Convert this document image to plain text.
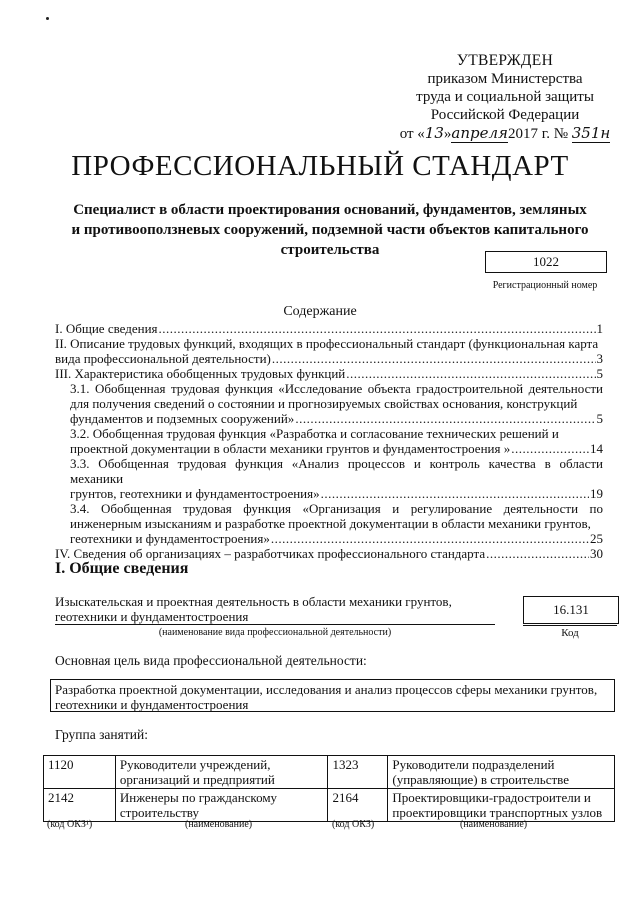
УТВЕРЖДЕН
приказом Министерства
труда и социальной защиты
Российской Федерации
от «13»апреля2017 г. № 351н
ПРОФЕССИОНАЛЬНЫЙ СТАНДАРТ
Специалист в области проектирования оснований, фундаментов, земляных
и противооползневых сооружений, подземной части объектов капитального
строительства
1022
Регистрационный номер
Содержание
I. Общие сведения .....	1
II. Описание трудовых функций, входящих в профессиональный стандарт (функциональная карта
вида профессиональной деятельности) .....	3
III. Характеристика обобщенных трудовых функций .....	5
3.1. Обобщенная трудовая функция «Исследование объекта градостроительной деятельности для получения сведений о состоянии и прогнозируемых свойствах основания, конструкций
фундаментов и подземных сооружений» .....	5
3.2. Обобщенная трудовая функция «Разработка и согласование технических решений и
проектной документации в области механики грунтов и фундаментостроения » .....	14
3.3. Обобщенная трудовая функция «Анализ процессов и контроль качества в области механики
грунтов, геотехники и фундаментостроения» .....	19
3.4. Обобщенная трудовая функция «Организация и регулирование деятельности по инженерным изысканиям и разработке проектной документации в области механики грунтов,
геотехники и фундаментостроения» .....	25
IV. Сведения об организациях – разработчиках профессионального стандарта .....	30
I. Общие сведения
Изыскательская и проектная деятельность в области механики грунтов, геотехники и фундаментостроения
(наименование вида профессиональной деятельности)
16.131
Код
Основная цель вида профессиональной деятельности:
Разработка проектной документации, исследования и анализ процессов сферы механики грунтов, геотехники и фундаментостроения
Группа занятий:
1120	Руководители учреждений, организаций и предприятий	1323	Руководители подразделений (управляющие) в строительстве
2142	Инженеры по гражданскому строительству	2164	Проектировщики-градостроители и проектировщики транспортных узлов
(код ОКЗ¹)	(наименование)	(код ОКЗ)	(наименование)
